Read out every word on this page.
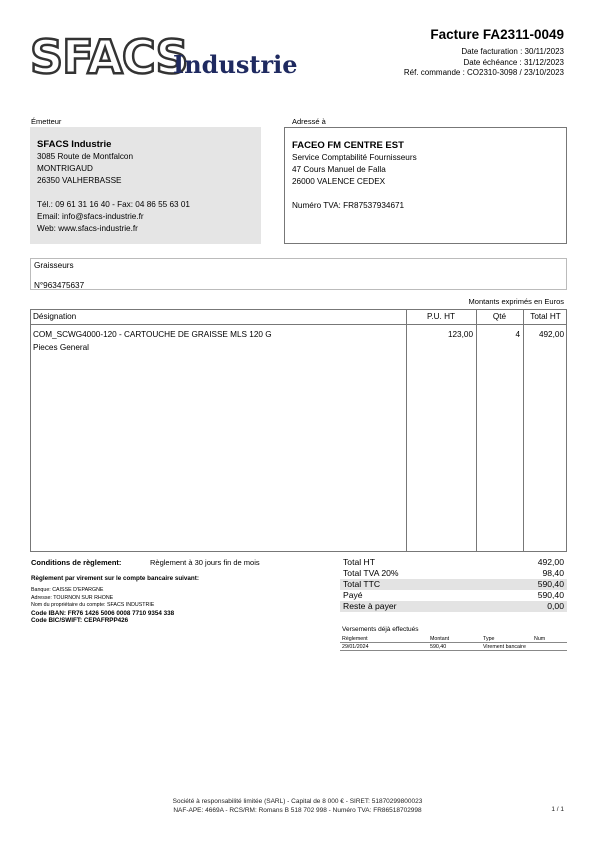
SFACS
Industrie
Facture FA2311-0049
Date facturation : 30/11/2023
Date échéance : 31/12/2023
Réf. commande : CO2310-3098 / 23/10/2023
Émetteur
SFACS Industrie
3085 Route de Montfalcon
MONTRIGAUD
26350 VALHERBASSE
Tél.: 09 61 31 16 40 - Fax: 04 86 55 63 01
Email: info@sfacs-industrie.fr
Web: www.sfacs-industrie.fr
Adressé à
FACEO FM CENTRE EST
Service Comptabilité Fournisseurs
47 Cours Manuel de Falla
26000 VALENCE CEDEX
Numéro TVA: FR87537934671
Graisseurs
N°963475637
Montants exprimés en Euros
Désignation	P.U. HT	Qté	Total HT
COM_SCWG4000-120 - CARTOUCHE DE GRAISSE MLS 120 G
Pieces General
123,00	4	492,00
Conditions de règlement:	Règlement à 30 jours fin de mois
Règlement par virement sur le compte bancaire suivant:
Banque: CAISSE D'EPARGNE
Adresse: TOURNON SUR RHONE
Nom du propriétaire du compte: SFACS INDUSTRIE
Code IBAN: FR76 1426 5006 0008 7710 9354 338
Code BIC/SWIFT: CEPAFRPP426
Total HT	492,00
Total TVA 20%	98,40
Total TTC	590,40
Payé	590,40
Reste à payer	0,00
Versements déjà effectués
Règlement	Montant	Type	Num
29/01/2024	590,40	Virement bancaire
Société à responsabilité limitée (SARL) - Capital de 8 000 € - SIRET: 51870299800023
NAF-APE: 4669A - RCS/RM: Romans B 518 702 998 - Numéro TVA: FR86518702998	1 / 1
